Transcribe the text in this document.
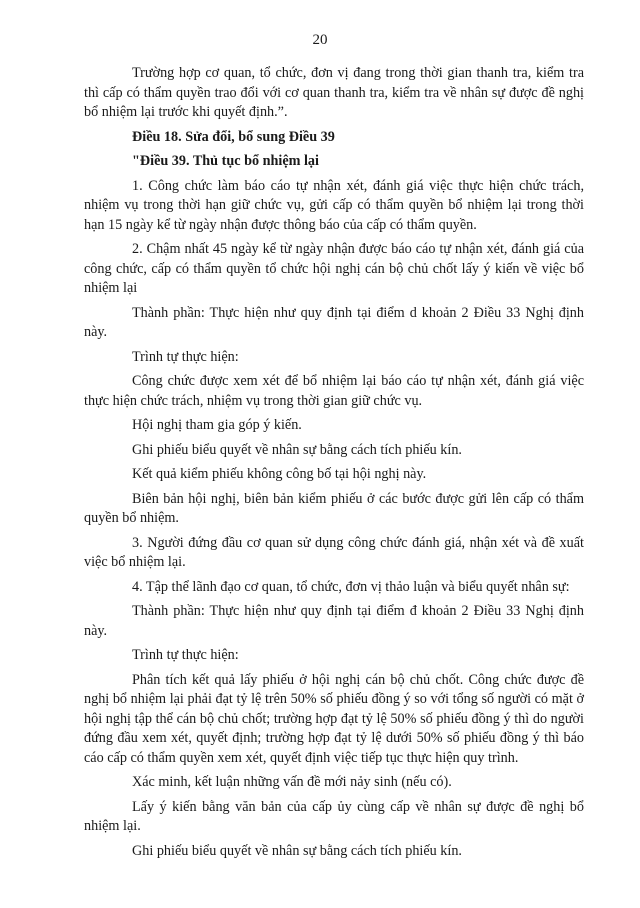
20

Trường hợp cơ quan, tổ chức, đơn vị đang trong thời gian thanh tra, kiểm tra thì cấp có thẩm quyền trao đổi với cơ quan thanh tra, kiểm tra về nhân sự được đề nghị bổ nhiệm lại trước khi quyết định.”.

Điều 18. Sửa đổi, bổ sung Điều 39

"Điều 39. Thủ tục bổ nhiệm lại

1. Công chức làm báo cáo tự nhận xét, đánh giá việc thực hiện chức trách, nhiệm vụ trong thời hạn giữ chức vụ, gửi cấp có thẩm quyền bổ nhiệm lại trong thời hạn 15 ngày kể từ ngày nhận được thông báo của cấp có thẩm quyền.

2. Chậm nhất 45 ngày kể từ ngày nhận được báo cáo tự nhận xét, đánh giá của công chức, cấp có thẩm quyền tổ chức hội nghị cán bộ chủ chốt lấy ý kiến về việc bổ nhiệm lại

Thành phần: Thực hiện như quy định tại điểm d khoản 2 Điều 33 Nghị định này.

Trình tự thực hiện:

Công chức được xem xét để bổ nhiệm lại báo cáo tự nhận xét, đánh giá việc thực hiện chức trách, nhiệm vụ trong thời gian giữ chức vụ.

Hội nghị tham gia góp ý kiến.

Ghi phiếu biểu quyết về nhân sự bằng cách tích phiếu kín.

Kết quả kiểm phiếu không công bố tại hội nghị này.

Biên bản hội nghị, biên bản kiểm phiếu ở các bước được gửi lên cấp có thẩm quyền bổ nhiệm.

3. Người đứng đầu cơ quan sử dụng công chức đánh giá, nhận xét và đề xuất việc bổ nhiệm lại.

4. Tập thể lãnh đạo cơ quan, tổ chức, đơn vị thảo luận và biểu quyết nhân sự:

Thành phần: Thực hiện như quy định tại điểm đ khoản 2 Điều 33 Nghị định này.

Trình tự thực hiện:

Phân tích kết quả lấy phiếu ở hội nghị cán bộ chủ chốt. Công chức được đề nghị bổ nhiệm lại phải đạt tỷ lệ trên 50% số phiếu đồng ý so với tổng số người có mặt ở hội nghị tập thể cán bộ chủ chốt; trường hợp đạt tỷ lệ 50% số phiếu đồng ý thì do người đứng đầu xem xét, quyết định; trường hợp đạt tỷ lệ dưới 50% số phiếu đồng ý thì báo cáo cấp có thẩm quyền xem xét, quyết định việc tiếp tục thực hiện quy trình.

Xác minh, kết luận những vấn đề mới nảy sinh (nếu có).

Lấy ý kiến bằng văn bản của cấp ủy cùng cấp về nhân sự được đề nghị bổ nhiệm lại.

Ghi phiếu biểu quyết về nhân sự bằng cách tích phiếu kín.
